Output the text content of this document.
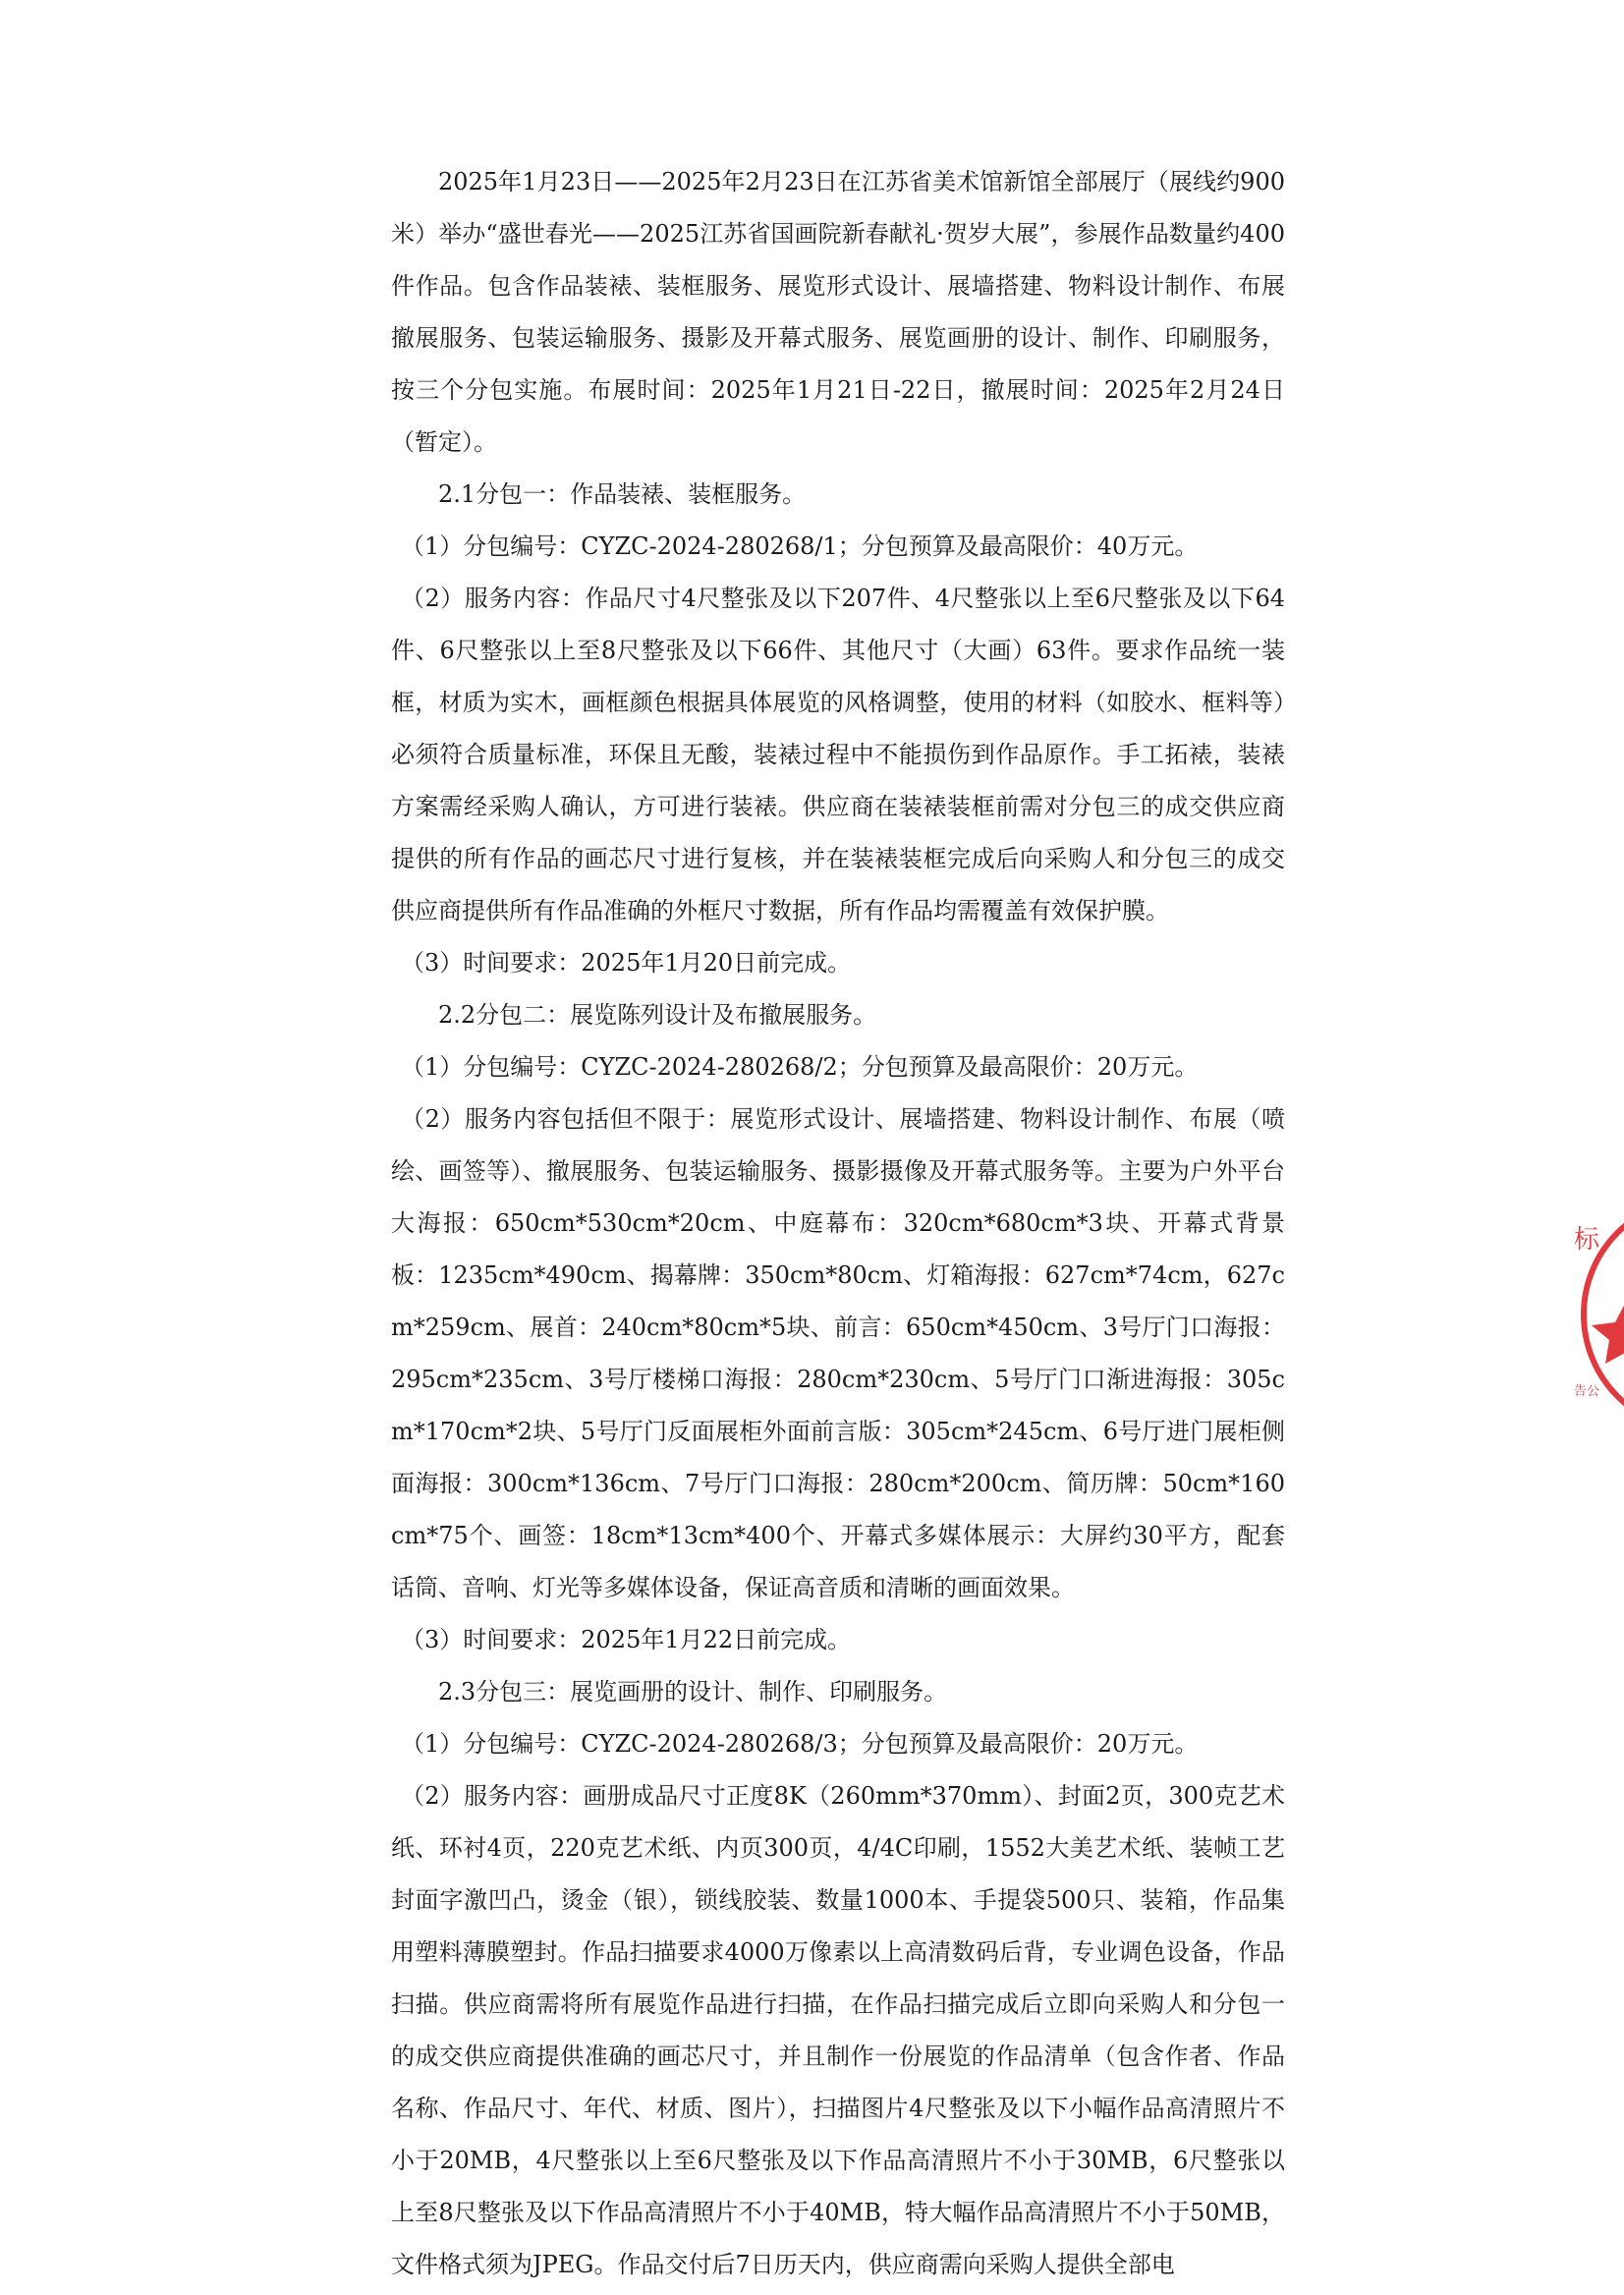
2025年1月23日——2025年2月23日在江苏省美术馆新馆全部展厅（展线约900米）举办“盛世春光——2025江苏省国画院新春献礼·贺岁大展”，参展作品数量约400件作品。包含作品装裱、装框服务、展览形式设计、展墙搭建、物料设计制作、布展撤展服务、包装运输服务、摄影及开幕式服务、展览画册的设计、制作、印刷服务，按三个分包实施。布展时间：2025年1月21日-22日，撤展时间：2025年2月24日（暂定）。

2.1分包一：作品装裱、装框服务。

（1）分包编号：CYZC-2024-280268/1；分包预算及最高限价：40万元。

（2）服务内容：作品尺寸4尺整张及以下207件、4尺整张以上至6尺整张及以下64件、6尺整张以上至8尺整张及以下66件、其他尺寸（大画）63件。要求作品统一装框，材质为实木，画框颜色根据具体展览的风格调整，使用的材料（如胶水、框料等）必须符合质量标准，环保且无酸，装裱过程中不能损伤到作品原作。手工拓裱，装裱方案需经采购人确认，方可进行装裱。供应商在装裱装框前需对分包三的成交供应商提供的所有作品的画芯尺寸进行复核，并在装裱装框完成后向采购人和分包三的成交供应商提供所有作品准确的外框尺寸数据，所有作品均需覆盖有效保护膜。

（3）时间要求：2025年1月20日前完成。

2.2分包二：展览陈列设计及布撤展服务。

（1）分包编号：CYZC-2024-280268/2；分包预算及最高限价：20万元。

（2）服务内容包括但不限于：展览形式设计、展墙搭建、物料设计制作、布展（喷绘、画签等）、撤展服务、包装运输服务、摄影摄像及开幕式服务等。主要为户外平台大海报：650cm*530cm*20cm、中庭幕布：320cm*680cm*3块、开幕式背景板：1235cm*490cm、揭幕牌：350cm*80cm、灯箱海报：627cm*74cm，627cm*259cm、展首：240cm*80cm*5块、前言：650cm*450cm、3号厅门口海报：295cm*235cm、3号厅楼梯口海报：280cm*230cm、5号厅门口渐进海报：305cm*170cm*2块、5号厅门反面展柜外面前言版：305cm*245cm、6号厅进门展柜侧面海报：300cm*136cm、7号厅门口海报：280cm*200cm、简历牌：50cm*160cm*75个、画签：18cm*13cm*400个、开幕式多媒体展示：大屏约30平方，配套话筒、音响、灯光等多媒体设备，保证高音质和清晰的画面效果。

（3）时间要求：2025年1月22日前完成。

2.3分包三：展览画册的设计、制作、印刷服务。

（1）分包编号：CYZC-2024-280268/3；分包预算及最高限价：20万元。

（2）服务内容：画册成品尺寸正度8K（260mm*370mm）、封面2页，300克艺术纸、环衬4页，220克艺术纸、内页300页，4/4C印刷，1552大美艺术纸、装帧工艺封面字激凹凸，烫金（银），锁线胶装、数量1000本、手提袋500只、装箱，作品集用塑料薄膜塑封。作品扫描要求4000万像素以上高清数码后背，专业调色设备，作品扫描。供应商需将所有展览作品进行扫描，在作品扫描完成后立即向采购人和分包一的成交供应商提供准确的画芯尺寸，并且制作一份展览的作品清单（包含作者、作品名称、作品尺寸、年代、材质、图片），扫描图片4尺整张及以下小幅作品高清照片不小于20MB，4尺整张以上至6尺整张及以下作品高清照片不小于30MB，6尺整张以上至8尺整张及以下作品高清照片不小于40MB，特大幅作品高清照片不小于50MB，文件格式须为JPEG。作品交付后7日历天内，供应商需向采购人提供全部电

标
告公
